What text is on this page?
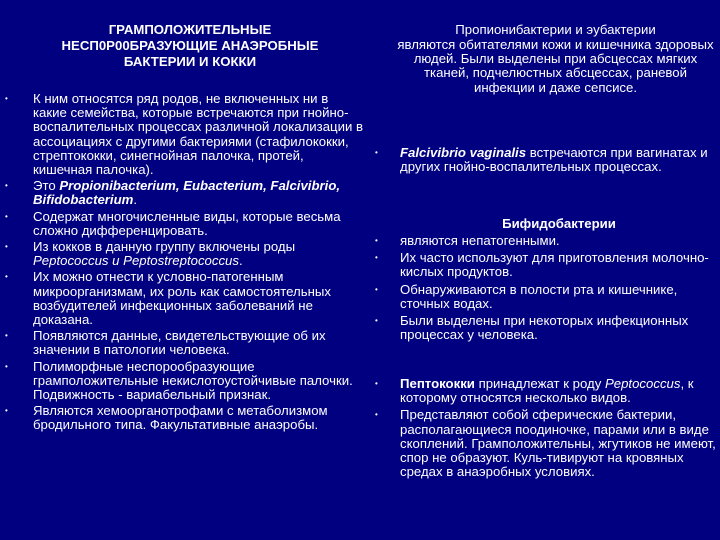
ГРАМПОЛОЖИТЕЛЬНЫЕ НЕСП0Р00БРАЗУЮЩИЕ АНАЭРОБНЫЕ БАКТЕРИИ И КОККИ
• К ним относятся ряд родов, не включенных ни в какие семейства, которые встречаются при гнойно-воспалительных процессах различной локализации в ассоциациях с другими бактериями (стафилококки, стрептококки, синегнойная палочка, протей, кишечная палочка).
• Это Propionibacterium, Eubacterium, Falcivibrio, Bifidobacterium.
• Содержат многочисленные виды, которые весьма сложно дифференцировать.
• Из кокков в данную группу включены роды Peptococcus и Peptostreptococcus.
• Их можно отнести к условно-патогенным микроорганизмам, их роль как самостоятельных возбудителей инфекционных заболеваний не доказана.
• Появляются данные, свидетельствующие об их значении в патологии человека.
• Полиморфные неспорообразующие грамположительные некислотоустойчивые палочки. Подвижность - вариабельный признак.
• Являются хемоорганотрофами с метаболизмом бродильного типа. Факультативные анаэробы.
Пропионибактерии и эубактерии
являются обитателями кожи и кишечника здоровых людей. Были выделены при абсцессах мягких тканей, подчелюстных абсцессах, раневой инфекции и даже сепсисе.
• Falcivibrio vaginalis встречаются при вагинатах и других гнойно-воспалительных процессах.
Бифидобактерии
• являются непатогенными.
• Их часто используют для приготовления молочно-кислых продуктов.
• Обнаруживаются в полости рта и кишечнике, сточных водах.
• Были выделены при некоторых инфекционных процессах у человека.
• Пептококки принадлежат к роду Peptococcus, к которому относятся несколько видов.
• Представляют собой сферические бактерии, располагающиеся поодиночке, парами или в виде скоплений. Грамположительны, жгутиков не имеют, спор не образуют. Куль-тивируют на кровяных средах в анаэробных условиях.
